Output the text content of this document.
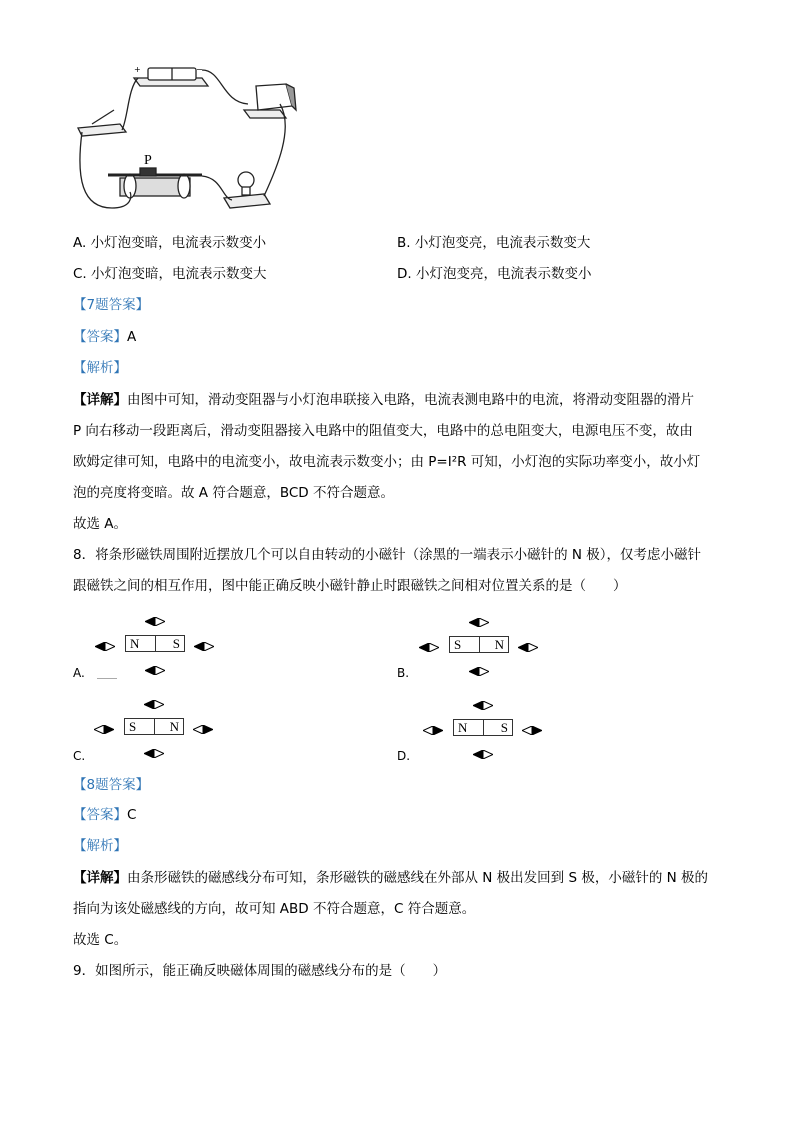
P
+	−
A. 小灯泡变暗，电流表示数变小	B. 小灯泡变亮，电流表示数变大
C. 小灯泡变暗，电流表示数变大	D. 小灯泡变亮，电流表示数变小
【7题答案】
【答案】A
【解析】
【详解】由图中可知，滑动变阻器与小灯泡串联接入电路，电流表测电路中的电流，将滑动变阻器的滑片
P 向右移动一段距离后，滑动变阻器接入电路中的阻值变大，电路中的总电阻变大，电源电压不变，故由
欧姆定律可知，电路中的电流变小，故电流表示数变小；由 P=I²R 可知，小灯泡的实际功率变小，故小灯
泡的亮度将变暗。故 A 符合题意，BCD 不符合题意。
故选 A。
8．将条形磁铁周围附近摆放几个可以自由转动的小磁针（涂黑的一端表示小磁针的 N 极），仅考虑小磁针
跟磁铁之间的相互作用，图中能正确反映小磁针静止时跟磁铁之间相对位置关系的是（　　）
A.	B.
C.	D.
【8题答案】
【答案】C
【解析】
【详解】由条形磁铁的磁感线分布可知，条形磁铁的磁感线在外部从 N 极出发回到 S 极，小磁针的 N 极的
指向为该处磁感线的方向，故可知 ABD 不符合题意，C 符合题意。
故选 C。
9．如图所示，能正确反映磁体周围的磁感线分布的是（　　）
N	S	S	N
S	N	N	S
